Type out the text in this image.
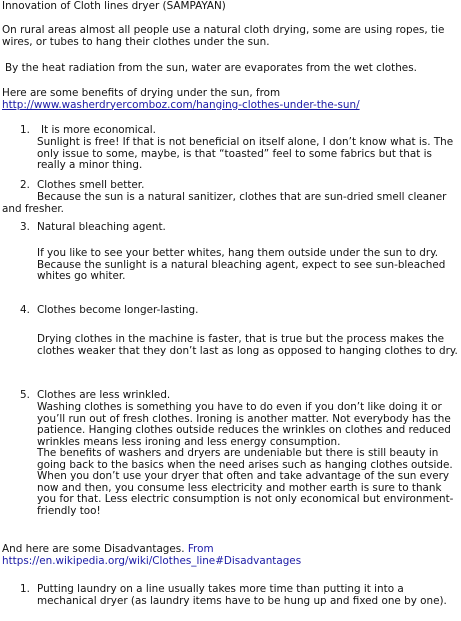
Innovation of Cloth lines dryer (SAMPAYAN)

On rural areas almost all people use a natural cloth drying, some are using ropes, tie wires, or tubes to hang their clothes under the sun.

By the heat radiation from the sun, water are evaporates from the wet clothes.

Here are some benefits of drying under the sun, from
http://www.washerdryercomboz.com/hanging-clothes-under-the-sun/
1. It is more economical.

Sunlight is free! If that is not beneficial on itself alone, I don’t know what is. The only issue to some, maybe, is that “toasted” feel to some fabrics but that is really a minor thing.

2. Clothes smell better.

Because the sun is a natural sanitizer, clothes that are sun-dried smell cleaner and fresher.

3. Natural bleaching agent.

If you like to see your better whites, hang them outside under the sun to dry. Because the sunlight is a natural bleaching agent, expect to see sun-bleached whites go whiter.

4. Clothes become longer-lasting.

Drying clothes in the machine is faster, that is true but the process makes the clothes weaker that they don’t last as long as opposed to hanging clothes to dry.

5. Clothes are less wrinkled.

Washing clothes is something you have to do even if you don’t like doing it or you’ll run out of fresh clothes. Ironing is another matter. Not everybody has the patience. Hanging clothes outside reduces the wrinkles on clothes and reduced wrinkles means less ironing and less energy consumption.

The benefits of washers and dryers are undeniable but there is still beauty in going back to the basics when the need arises such as hanging clothes outside. When you don’t use your dryer that often and take advantage of the sun every now and then, you consume less electricity and mother earth is sure to thank you for that. Less electric consumption is not only economical but environment-friendly too!

And here are some Disadvantages. From
https://en.wikipedia.org/wiki/Clothes_line#Disadvantages
1. Putting laundry on a line usually takes more time than putting it into a mechanical dryer (as laundry items have to be hung up and fixed one by one).
